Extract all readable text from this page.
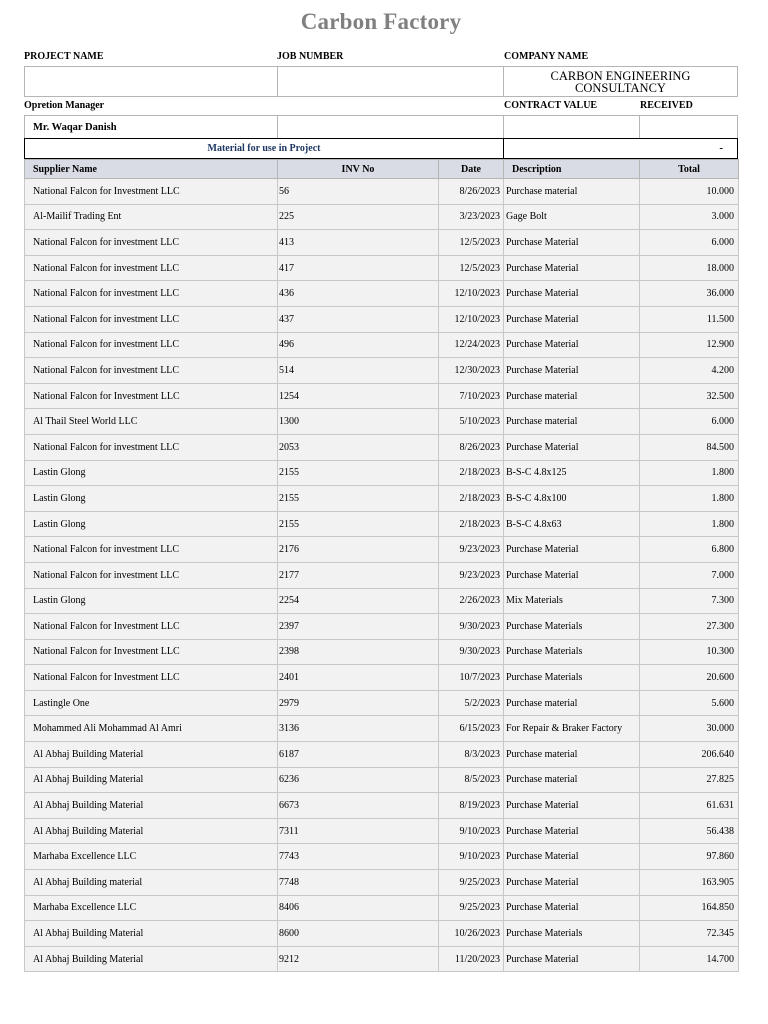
Carbon Factory
PROJECT NAME	JOB NUMBER	COMPANY NAME
CARBON ENGINEERING CONSULTANCY
Opretion Manager	CONTRACT VALUE	RECEIVED
Mr. Waqar Danish
Material for use in Project	-
Supplier Name	INV No	Date	Description	Total
National Falcon for Investment LLC	56	8/26/2023	Purchase material	10.000
Al-Mailif Trading Ent	225	3/23/2023	Gage Bolt	3.000
National Falcon for investment LLC	413	12/5/2023	Purchase Material	6.000
National Falcon for investment LLC	417	12/5/2023	Purchase Material	18.000
National Falcon for investment LLC	436	12/10/2023	Purchase Material	36.000
National Falcon for investment LLC	437	12/10/2023	Purchase Material	11.500
National Falcon for investment LLC	496	12/24/2023	Purchase Material	12.900
National Falcon for investment LLC	514	12/30/2023	Purchase Material	4.200
National Falcon for Investment LLC	1254	7/10/2023	Purchase material	32.500
Al Thail Steel World LLC	1300	5/10/2023	Purchase material	6.000
National Falcon for investment LLC	2053	8/26/2023	Purchase Material	84.500
Lastin Glong	2155	2/18/2023	B-S-C 4.8x125	1.800
Lastin Glong	2155	2/18/2023	B-S-C 4.8x100	1.800
Lastin Glong	2155	2/18/2023	B-S-C 4.8x63	1.800
National Falcon for investment LLC	2176	9/23/2023	Purchase Material	6.800
National Falcon for investment LLC	2177	9/23/2023	Purchase Material	7.000
Lastin Glong	2254	2/26/2023	Mix Materials	7.300
National Falcon for Investment LLC	2397	9/30/2023	Purchase Materials	27.300
National Falcon for Investment LLC	2398	9/30/2023	Purchase Materials	10.300
National Falcon for Investment LLC	2401	10/7/2023	Purchase Materials	20.600
Lastingle One	2979	5/2/2023	Purchase material	5.600
Mohammed Ali Mohammad Al Amri	3136	6/15/2023	For Repair & Braker Factory	30.000
Al Abhaj Building Material	6187	8/3/2023	Purchase material	206.640
Al Abhaj Building Material	6236	8/5/2023	Purchase material	27.825
Al Abhaj Building Material	6673	8/19/2023	Purchase Material	61.631
Al Abhaj Building Material	7311	9/10/2023	Purchase Material	56.438
Marhaba Excellence LLC	7743	9/10/2023	Purchase Material	97.860
Al Abhaj Building material	7748	9/25/2023	Purchase Material	163.905
Marhaba Excellence LLC	8406	9/25/2023	Purchase Material	164.850
Al Abhaj Building Material	8600	10/26/2023	Purchase Materials	72.345
Al Abhaj Building Material	9212	11/20/2023	Purchase Material	14.700
